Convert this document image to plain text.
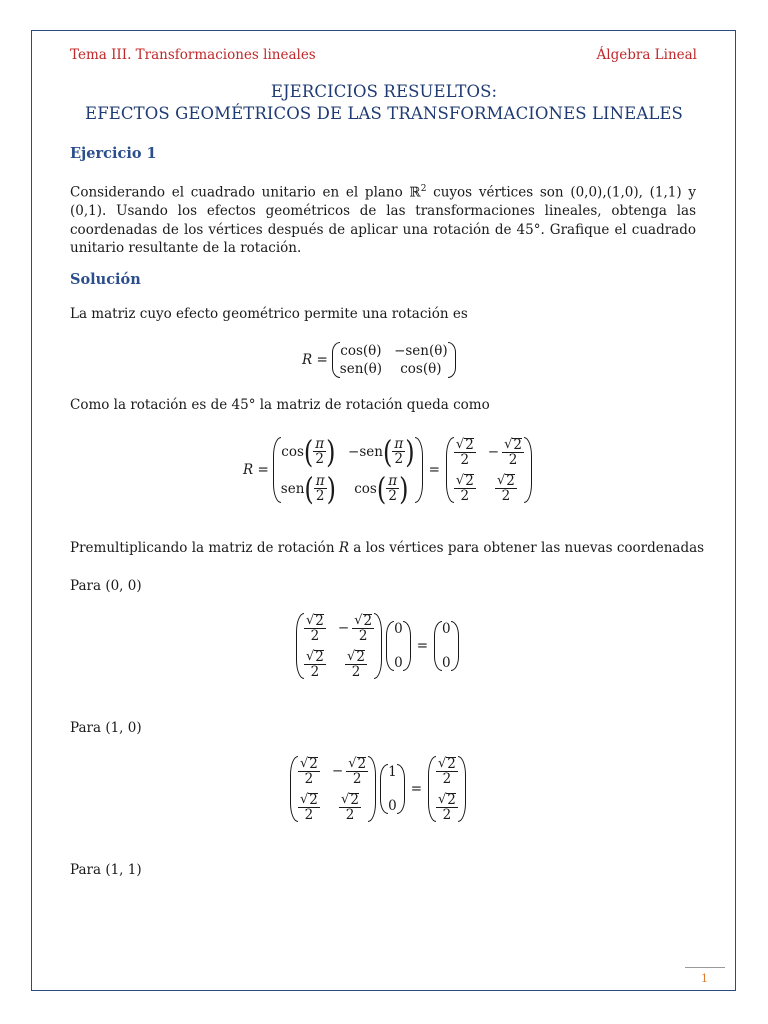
Tema III. Transformaciones lineales	Álgebra Lineal
EJERCICIOS RESUELTOS:
EFECTOS GEOMÉTRICOS DE LAS TRANSFORMACIONES LINEALES
Ejercicio 1
Considerando el cuadrado unitario en el plano ℝ$^2$ cuyos vértices son (0,0),(1,0), (1,1) y (0,1). Usando los efectos geométricos de las transformaciones lineales, obtenga las coordenadas de los vértices después de aplicar una rotación de 45°. Grafique el cuadrado unitario resultante de la rotación.
Solución
La matriz cuyo efecto geométrico permite una rotación es
R =
cos(θ) −sen(θ)
sen(θ)	cos(θ)
Como la rotación es de 45° la matriz de rotación queda como
R =
cos ( $\frac{\pi}{2}$ ) −sen ( $\frac{\pi}{2}$ )
sen ( $\frac{\pi}{2}$ ) cos ( $\frac{\pi}{2}$ )
=
$\frac{√ 2}{2} - \frac{√ 2}{2}$
$\frac{√ 2}{2} \frac{√ 2}{2}$
Premultiplicando la matriz de rotación R a los vértices para obtener las nuevas coordenadas
Para (0, 0)
$\frac{√ 2}{2} - \frac{√ 2}{2}$
$\frac{√ 2}{2} \frac{√ 2}{2}$
0
0
=
0
0
Para (1, 0)
$\frac{√ 2}{2} - \frac{√ 2}{2}$
$\frac{√ 2}{2} \frac{√ 2}{2}$
1
0
=
$\frac{√ 2}{2}$
$\frac{√ 2}{2}$
Para (1, 1)
1
